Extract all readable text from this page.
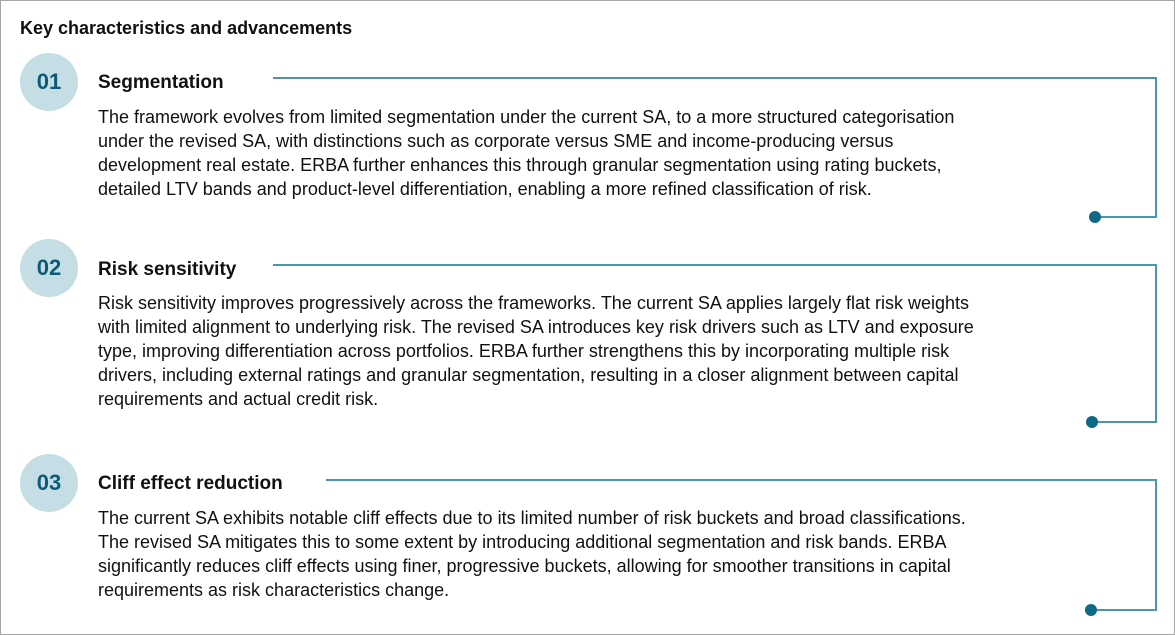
Key characteristics and advancements
01	Segmentation
The framework evolves from limited segmentation under the current SA, to a more structured categorisation
under the revised SA, with distinctions such as corporate versus SME and income-producing versus
development real estate. ERBA further enhances this through granular segmentation using rating buckets,
detailed LTV bands and product-level differentiation, enabling a more refined classification of risk.
02	Risk sensitivity
Risk sensitivity improves progressively across the frameworks. The current SA applies largely flat risk weights
with limited alignment to underlying risk. The revised SA introduces key risk drivers such as LTV and exposure
type, improving differentiation across portfolios. ERBA further strengthens this by incorporating multiple risk
drivers, including external ratings and granular segmentation, resulting in a closer alignment between capital
requirements and actual credit risk.
03	Cliff effect reduction
The current SA exhibits notable cliff effects due to its limited number of risk buckets and broad classifications.
The revised SA mitigates this to some extent by introducing additional segmentation and risk bands. ERBA
significantly reduces cliff effects using finer, progressive buckets, allowing for smoother transitions in capital
requirements as risk characteristics change.
